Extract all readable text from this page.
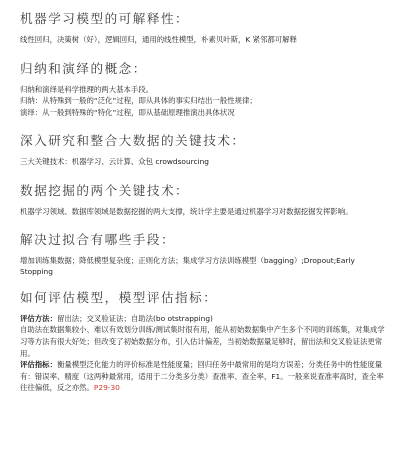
机器学习模型的可解释性：

线性回归，决策树（好），逻辑回归，通用的线性模型，朴素贝叶斯，K 紧邻都可解释

归纳和演绎的概念：

归纳和演绎是科学推理的两大基本手段。

归纳：从特殊到一般的“泛化”过程，即从具体的事实归结出一般性规律；

演绎：从一般到特殊的“特化”过程，即从基础原理推演出具体状况

深入研究和整合大数据的关键技术：

三大关键技术：机器学习、云计算、众包 crowdsourcing

数据挖掘的两个关键技术：

机器学习领域、数据库领域是数据挖掘的两大支撑，统计学主要是通过机器学习对数据挖掘发挥影响。

解决过拟合有哪些手段：

增加训练集数据；降低模型复杂度；正则化方法；集成学习方法训练模型（bagging）;Dropout;Early Stopping

如何评估模型，模型评估指标：

评估方法：留出法；交叉验证法；自助法(bo otstrapping)

自助法在数据集较小、难以有效划分训练/测试集时很有用，能从初始数据集中产生多个不同的训练集，对集成学习等方法有很大好处；但改变了初始数据分布，引入估计偏差，当初始数据量足够时，留出法和交叉验证法更常用。

评估指标：衡量模型泛化能力的评价标准是性能度量；回归任务中最常用的是均方误差；分类任务中的性能度量有：错误率、精度（这两种最常用，适用于二分类多分类）查准率、查全率、F1。一般来说查准率高时，查全率往往偏低，反之亦然。P29-30
